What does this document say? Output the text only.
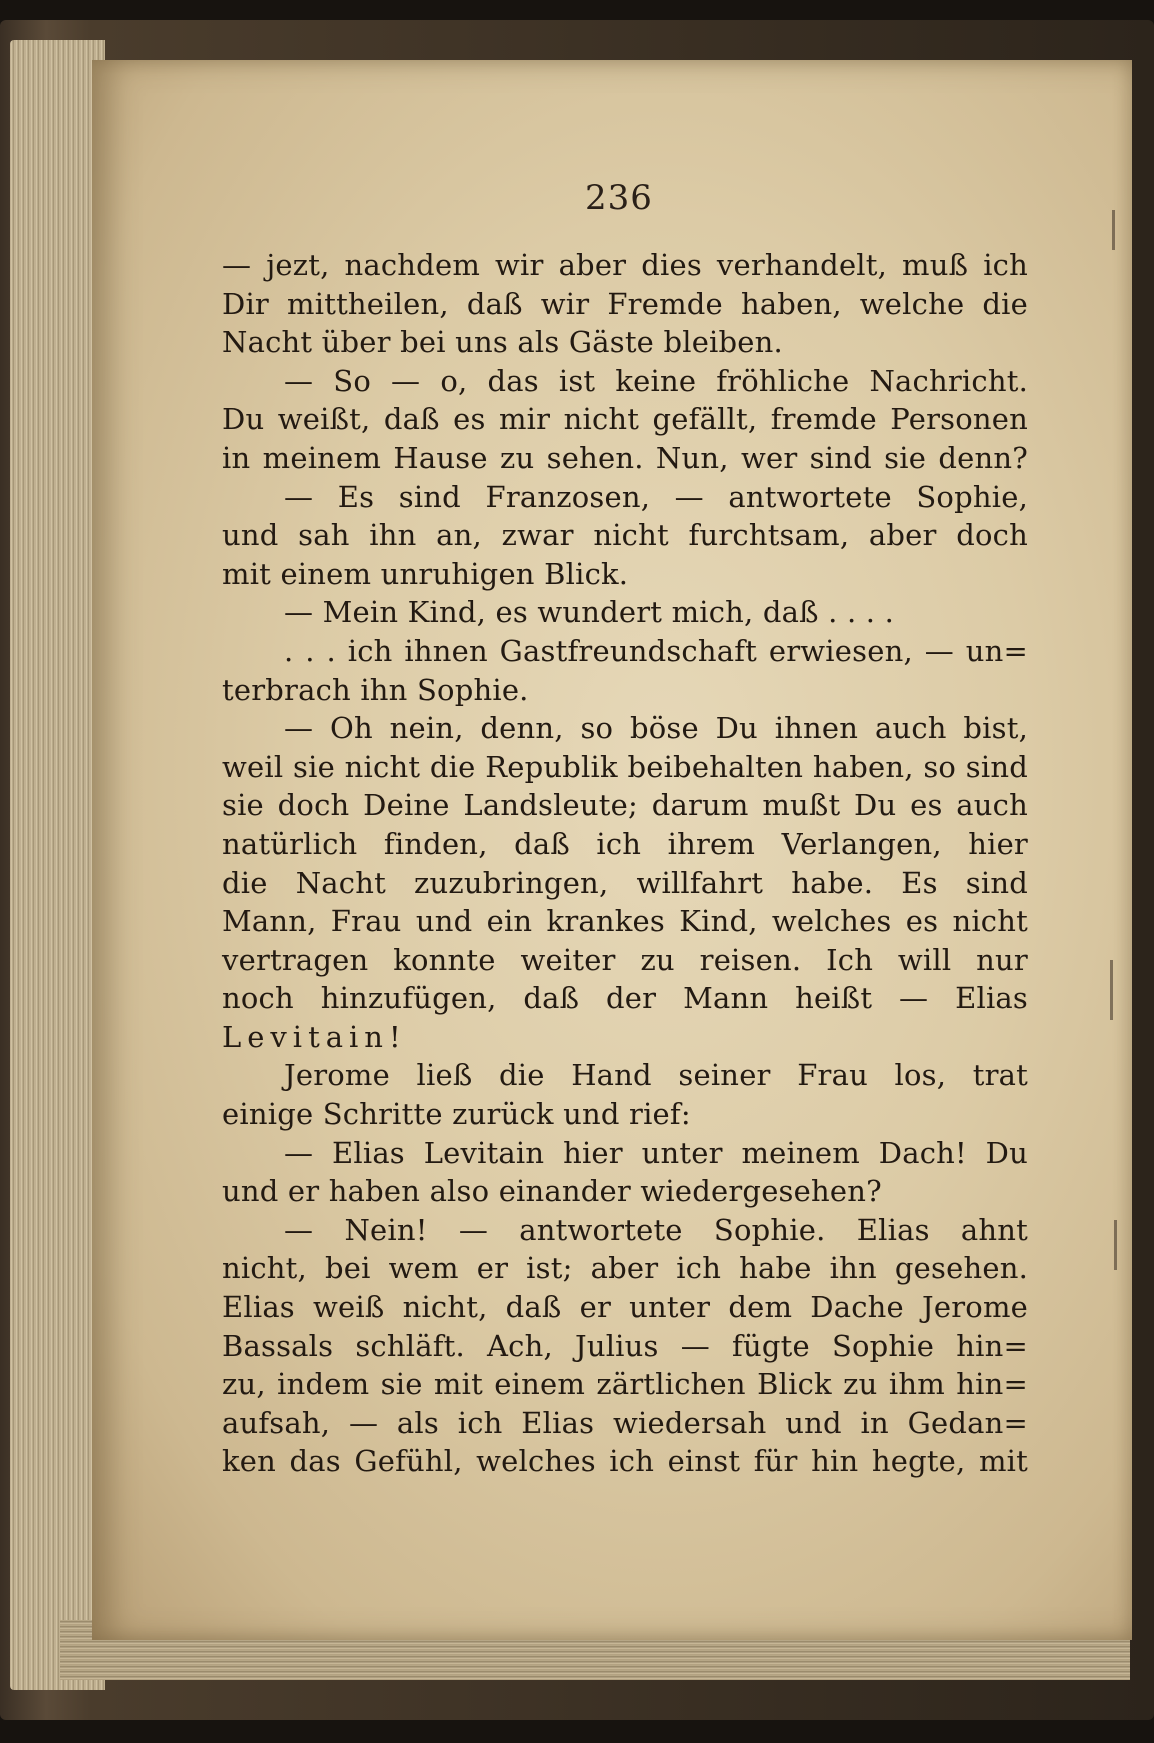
236
— jezt, nachdem wir aber dies verhandelt, muß ich
Dir mittheilen, daß wir Fremde haben, welche die
Nacht über bei uns als Gäste bleiben.
— So — o, das ist keine fröhliche Nachricht.
Du weißt, daß es mir nicht gefällt, fremde Personen
in meinem Hause zu sehen. Nun, wer sind sie denn?
— Es sind Franzosen, — antwortete Sophie,
und sah ihn an, zwar nicht furchtsam, aber doch
mit einem unruhigen Blick.
— Mein Kind, es wundert mich, daß . . . .
. . . ich ihnen Gastfreundschaft erwiesen, — un=
terbrach ihn Sophie.
— Oh nein, denn, so böse Du ihnen auch bist,
weil sie nicht die Republik beibehalten haben, so sind
sie doch Deine Landsleute; darum mußt Du es auch
natürlich finden, daß ich ihrem Verlangen, hier
die Nacht zuzubringen, willfahrt habe. Es sind
Mann, Frau und ein krankes Kind, welches es nicht
vertragen konnte weiter zu reisen. Ich will nur
noch hinzufügen, daß der Mann heißt — Elias
Levitain!
Jerome ließ die Hand seiner Frau los, trat
einige Schritte zurück und rief:
— Elias Levitain hier unter meinem Dach! Du
und er haben also einander wiedergesehen?
— Nein! — antwortete Sophie. Elias ahnt
nicht, bei wem er ist; aber ich habe ihn gesehen.
Elias weiß nicht, daß er unter dem Dache Jerome
Bassals schläft. Ach, Julius — fügte Sophie hin=
zu, indem sie mit einem zärtlichen Blick zu ihm hin=
aufsah, — als ich Elias wiedersah und in Gedan=
ken das Gefühl, welches ich einst für hin hegte, mit
